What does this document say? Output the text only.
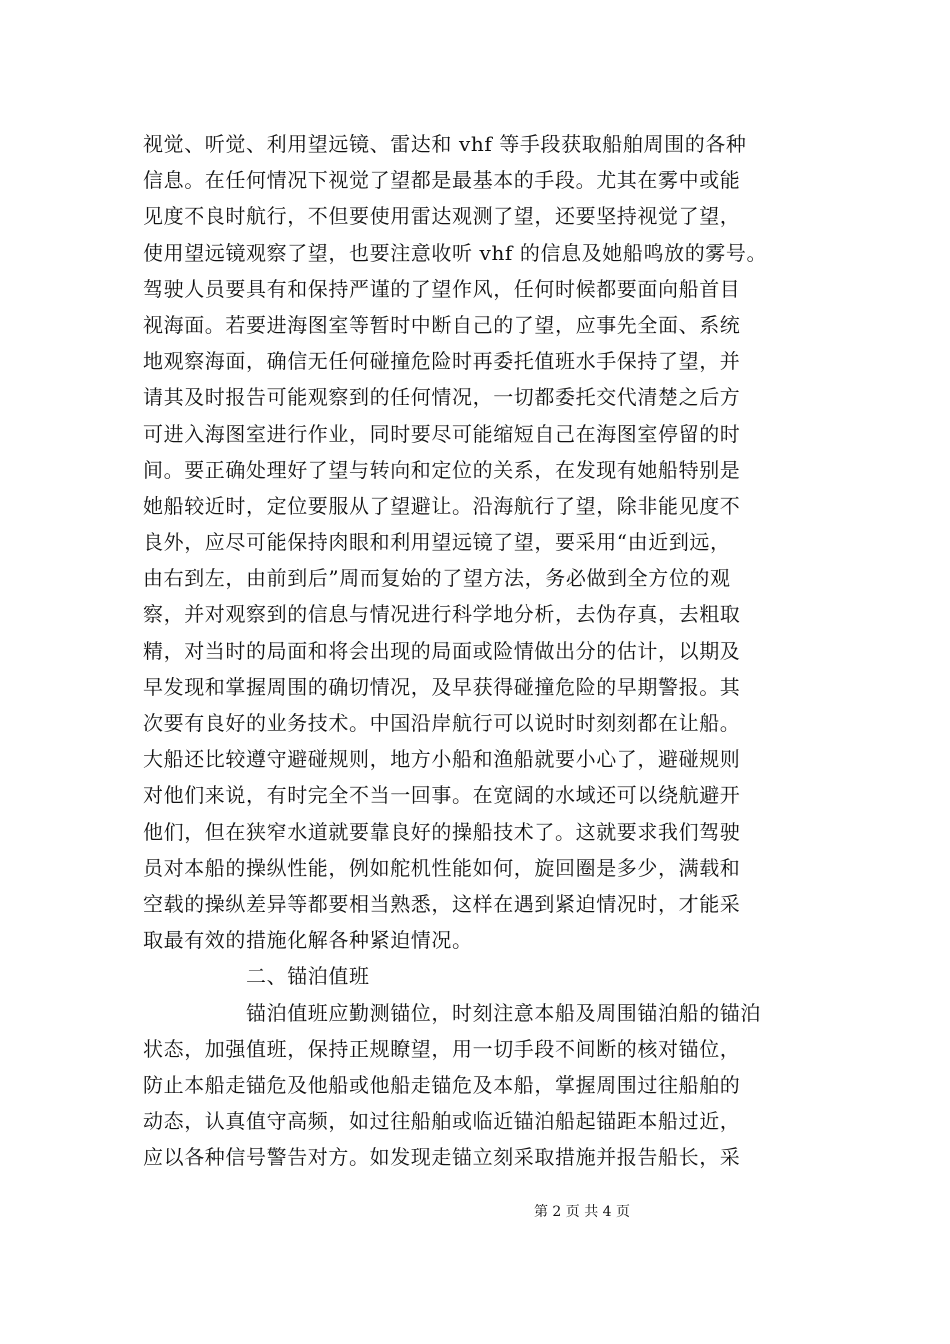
视觉、听觉、利用望远镜、雷达和 vhf 等手段获取船舶周围的各种
信息。在任何情况下视觉了望都是最基本的手段。尤其在雾中或能
见度不良时航行，不但要使用雷达观测了望，还要坚持视觉了望，
使用望远镜观察了望，也要注意收听 vhf 的信息及她船鸣放的雾号。
驾驶人员要具有和保持严谨的了望作风，任何时候都要面向船首目
视海面。若要进海图室等暂时中断自己的了望，应事先全面、系统
地观察海面，确信无任何碰撞危险时再委托值班水手保持了望，并
请其及时报告可能观察到的任何情况，一切都委托交代清楚之后方
可进入海图室进行作业，同时要尽可能缩短自己在海图室停留的时
间。要正确处理好了望与转向和定位的关系，在发现有她船特别是
她船较近时，定位要服从了望避让。沿海航行了望，除非能见度不
良外，应尽可能保持肉眼和利用望远镜了望，要采用“由近到远，
由右到左，由前到后”周而复始的了望方法，务必做到全方位的观
察，并对观察到的信息与情况进行科学地分析，去伪存真，去粗取
精，对当时的局面和将会出现的局面或险情做出分的估计，以期及
早发现和掌握周围的确切情况，及早获得碰撞危险的早期警报。其
次要有良好的业务技术。中国沿岸航行可以说时时刻刻都在让船。
大船还比较遵守避碰规则，地方小船和渔船就要小心了，避碰规则
对他们来说，有时完全不当一回事。在宽阔的水域还可以绕航避开
他们，但在狭窄水道就要靠良好的操船技术了。这就要求我们驾驶
员对本船的操纵性能，例如舵机性能如何，旋回圈是多少，满载和
空载的操纵差异等都要相当熟悉，这样在遇到紧迫情况时，才能采
取最有效的措施化解各种紧迫情况。
二、锚泊值班
锚泊值班应勤测锚位，时刻注意本船及周围锚泊船的锚泊
状态，加强值班，保持正规瞭望，用一切手段不间断的核对锚位，
防止本船走锚危及他船或他船走锚危及本船，掌握周围过往船舶的
动态，认真值守高频，如过往船舶或临近锚泊船起锚距本船过近，
应以各种信号警告对方。如发现走锚立刻采取措施并报告船长，采
第 2 页 共 4 页
